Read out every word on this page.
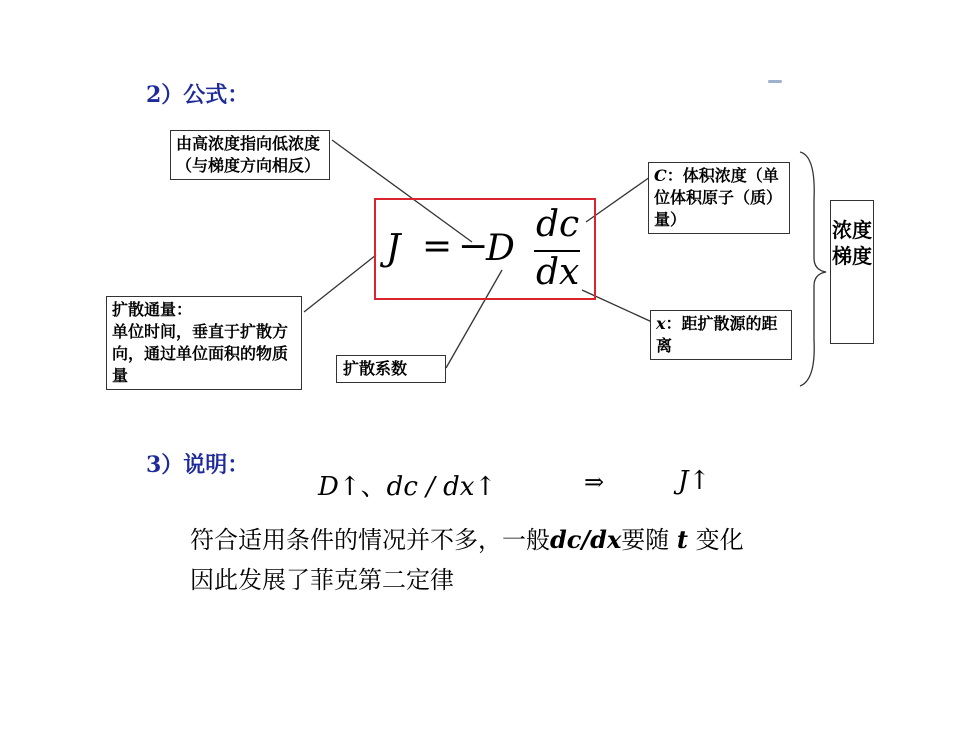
2）公式：
由高浓度指向低浓度（与梯度方向相反）
扩散通量：
单位时间，垂直于扩散方向，通过单位面积的物质量	扩散系数
C：体积浓度（单位体积原子（质）量）
x：距扩散源的距离
浓度梯度
J = −
D
dc
dx
3）说明：
D↑、dc / dx↑	⇒	J↑
符合适用条件的情况并不多，一般dc/dx要随 t 变化
因此发展了菲克第二定律
